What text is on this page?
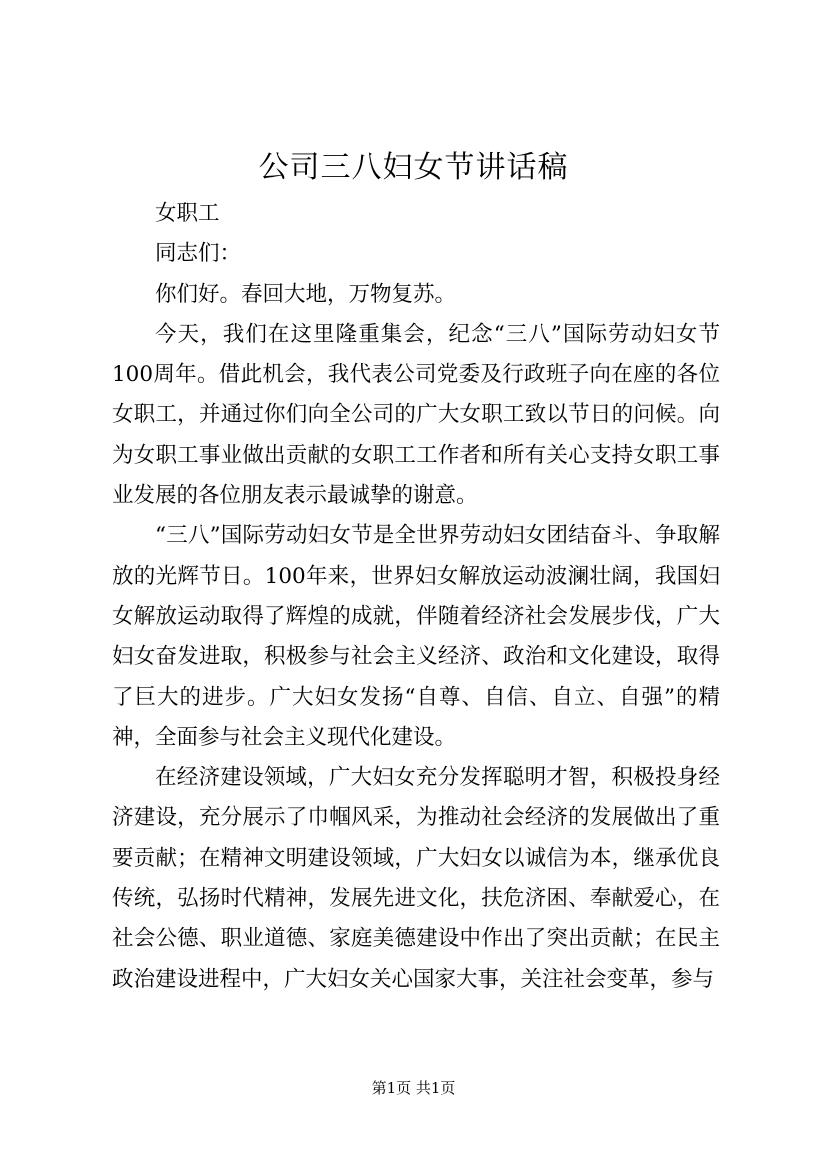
公司三八妇女节讲话稿

女职工

同志们：

你们好。春回大地，万物复苏。

今天，我们在这里隆重集会，纪念“三八”国际劳动妇女节100周年。借此机会，我代表公司党委及行政班子向在座的各位女职工，并通过你们向全公司的广大女职工致以节日的问候。向为女职工事业做出贡献的女职工工作者和所有关心支持女职工事业发展的各位朋友表示最诚挚的谢意。

“三八”国际劳动妇女节是全世界劳动妇女团结奋斗、争取解放的光辉节日。100年来，世界妇女解放运动波澜壮阔，我国妇女解放运动取得了辉煌的成就，伴随着经济社会发展步伐，广大妇女奋发进取，积极参与社会主义经济、政治和文化建设，取得了巨大的进步。广大妇女发扬“自尊、自信、自立、自强”的精神，全面参与社会主义现代化建设。

在经济建设领域，广大妇女充分发挥聪明才智，积极投身经济建设，充分展示了巾帼风采，为推动社会经济的发展做出了重要贡献；在精神文明建设领域，广大妇女以诚信为本，继承优良传统，弘扬时代精神，发展先进文化，扶危济困、奉献爱心，在社会公德、职业道德、家庭美德建设中作出了突出贡献；在民主政治建设进程中，广大妇女关心国家大事，关注社会变革，参与

第1页 共1页
